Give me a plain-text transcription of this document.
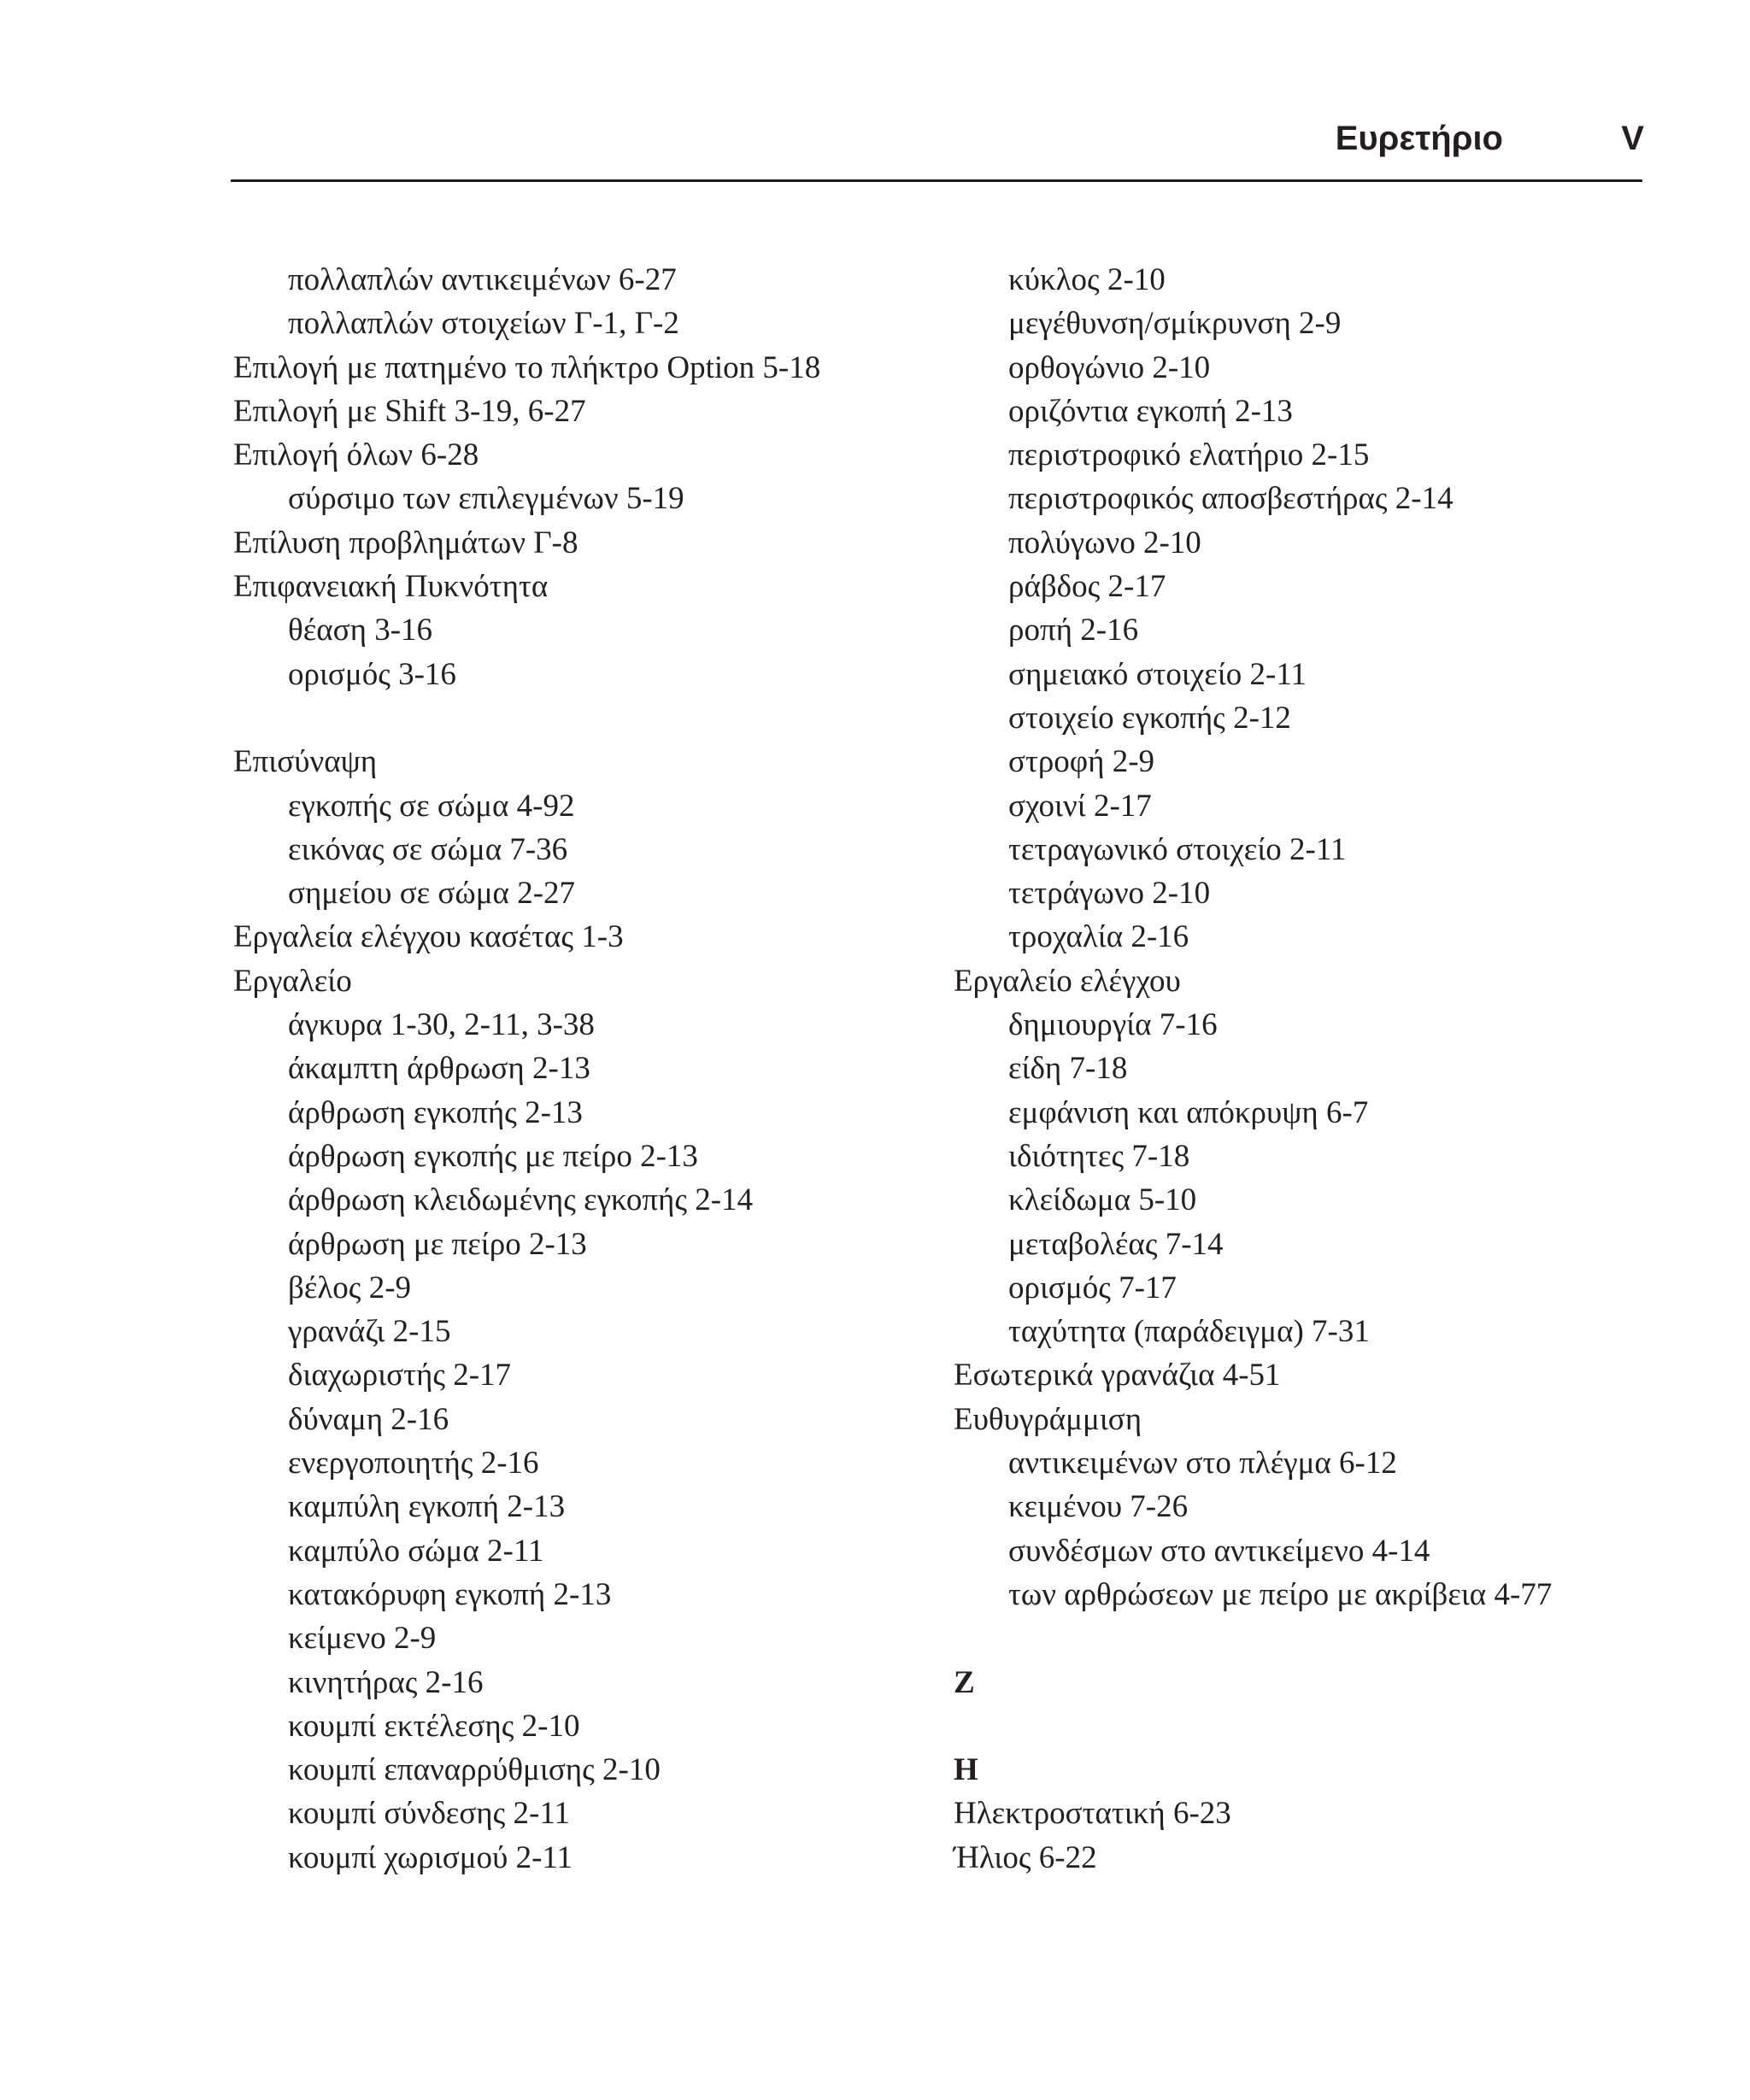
Ευρετήριο	V
πολλαπλών αντικειμένων 6-27
πολλαπλών στοιχείων Γ-1, Γ-2
Επιλογή με πατημένο το πλήκτρο Option 5-18
Επιλογή με Shift 3-19, 6-27
Επιλογή όλων 6-28
σύρσιμο των επιλεγμένων 5-19
Επίλυση προβλημάτων Γ-8
Επιφανειακή Πυκνότητα
θέαση 3-16
ορισμός 3-16
Επισύναψη
εγκοπής σε σώμα 4-92
εικόνας σε σώμα 7-36
σημείου σε σώμα 2-27
Εργαλεία ελέγχου κασέτας 1-3
Εργαλείο
άγκυρα 1-30, 2-11, 3-38
άκαμπτη άρθρωση 2-13
άρθρωση εγκοπής 2-13
άρθρωση εγκοπής με πείρο 2-13
άρθρωση κλειδωμένης εγκοπής 2-14
άρθρωση με πείρο 2-13
βέλος 2-9
γρανάζι 2-15
διαχωριστής 2-17
δύναμη 2-16
ενεργοποιητής 2-16
καμπύλη εγκοπή 2-13
καμπύλο σώμα 2-11
κατακόρυφη εγκοπή 2-13
κείμενο 2-9
κινητήρας 2-16
κουμπί εκτέλεσης 2-10
κουμπί επαναρρύθμισης 2-10
κουμπί σύνδεσης 2-11
κουμπί χωρισμού 2-11
κύκλος 2-10
μεγέθυνση/σμίκρυνση 2-9
ορθογώνιο 2-10
οριζόντια εγκοπή 2-13
περιστροφικό ελατήριο 2-15
περιστροφικός αποσβεστήρας 2-14
πολύγωνο 2-10
ράβδος 2-17
ροπή 2-16
σημειακό στοιχείο 2-11
στοιχείο εγκοπής 2-12
στροφή 2-9
σχοινί 2-17
τετραγωνικό στοιχείο 2-11
τετράγωνο 2-10
τροχαλία 2-16
Εργαλείο ελέγχου
δημιουργία 7-16
είδη 7-18
εμφάνιση και απόκρυψη 6-7
ιδιότητες 7-18
κλείδωμα 5-10
μεταβολέας 7-14
ορισμός 7-17
ταχύτητα (παράδειγμα) 7-31
Εσωτερικά γρανάζια 4-51
Ευθυγράμμιση
αντικειμένων στο πλέγμα 6-12
κειμένου 7-26
συνδέσμων στο αντικείμενο 4-14
των αρθρώσεων με πείρο με ακρίβεια 4-77
Z
H
Ηλεκτροστατική 6-23
Ήλιος 6-22
